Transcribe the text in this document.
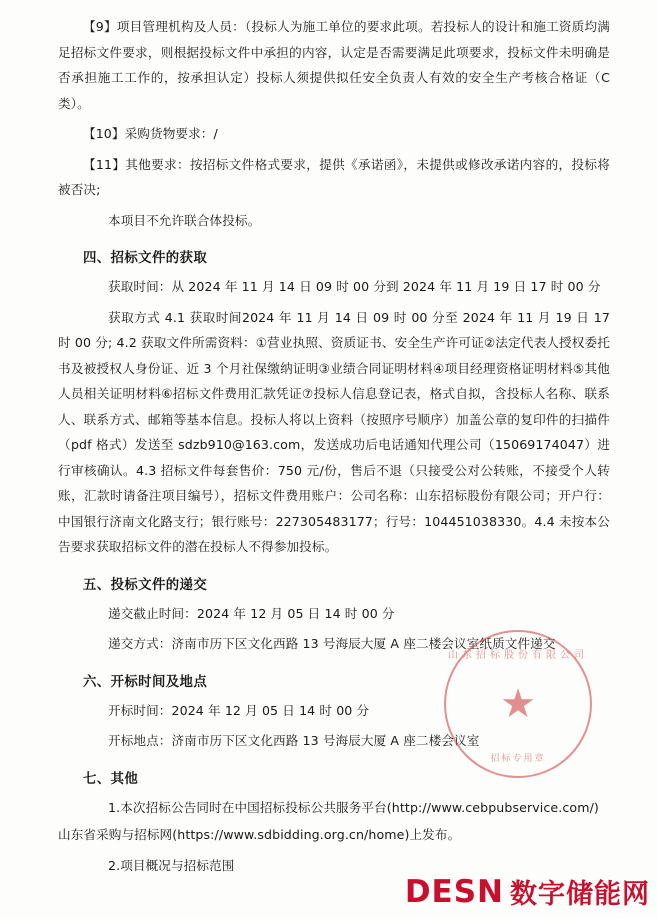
【9】项目管理机构及人员：（投标人为施工单位的要求此项。若投标人的设计和施工资质均满足招标文件要求，则根据投标文件中承担的内容，认定是否需要满足此项要求，投标文件未明确是否承担施工工作的，按承担认定）投标人须提供拟任安全负责人有效的安全生产考核合格证（C类）。

【10】采购货物要求：/

【11】其他要求：按招标文件格式要求，提供《承诺函》，未提供或修改承诺内容的，投标将被否决;

本项目不允许联合体投标。

四、招标文件的获取

获取时间：从 2024 年 11 月 14 日 09 时 00 分到 2024 年 11 月 19 日 17 时 00 分

获取方式 4.1 获取时间2024 年 11 月 14 日 09 时 00 分至 2024 年 11 月 19 日 17 时 00 分; 4.2 获取文件所需资料：①营业执照、资质证书、安全生产许可证②法定代表人授权委托书及被授权人身份证、近 3 个月社保缴纳证明③业绩合同证明材料④项目经理资格证明材料⑤其他人员相关证明材料⑥招标文件费用汇款凭证⑦投标人信息登记表，格式自拟，含投标人名称、联系人、联系方式、邮箱等基本信息。投标人将以上资料（按照序号顺序）加盖公章的复印件的扫描件（pdf 格式）发送至 sdzb910@163.com，发送成功后电话通知代理公司（15069174047）进行审核确认。4.3 招标文件每套售价：750 元/份，售后不退（只接受公对公转账，不接受个人转账，汇款时请备注项目编号），招标文件费用账户：公司名称：山东招标股份有限公司；开户行：中国银行济南文化路支行；银行账号：227305483177；行号：104451038330。4.4 未按本公告要求获取招标文件的潜在投标人不得参加投标。

五、投标文件的递交

递交截止时间：2024 年 12 月 05 日 14 时 00 分

递交方式：济南市历下区文化西路 13 号海辰大厦 A 座二楼会议室纸质文件递交

六、开标时间及地点

开标时间：2024 年 12 月 05 日 14 时 00 分

开标地点：济南市历下区文化西路 13 号海辰大厦 A 座二楼会议室

七、其他

1.本次招标公告同时在中国招标投标公共服务平台(http://www.cebpubservice.com/)

山东省采购与招标网(https://www.sdbidding.org.cn/home)上发布。

2.项目概况与招标范围

山东招标股份有限公司
★
招标专用章
DESN 数字储能网
